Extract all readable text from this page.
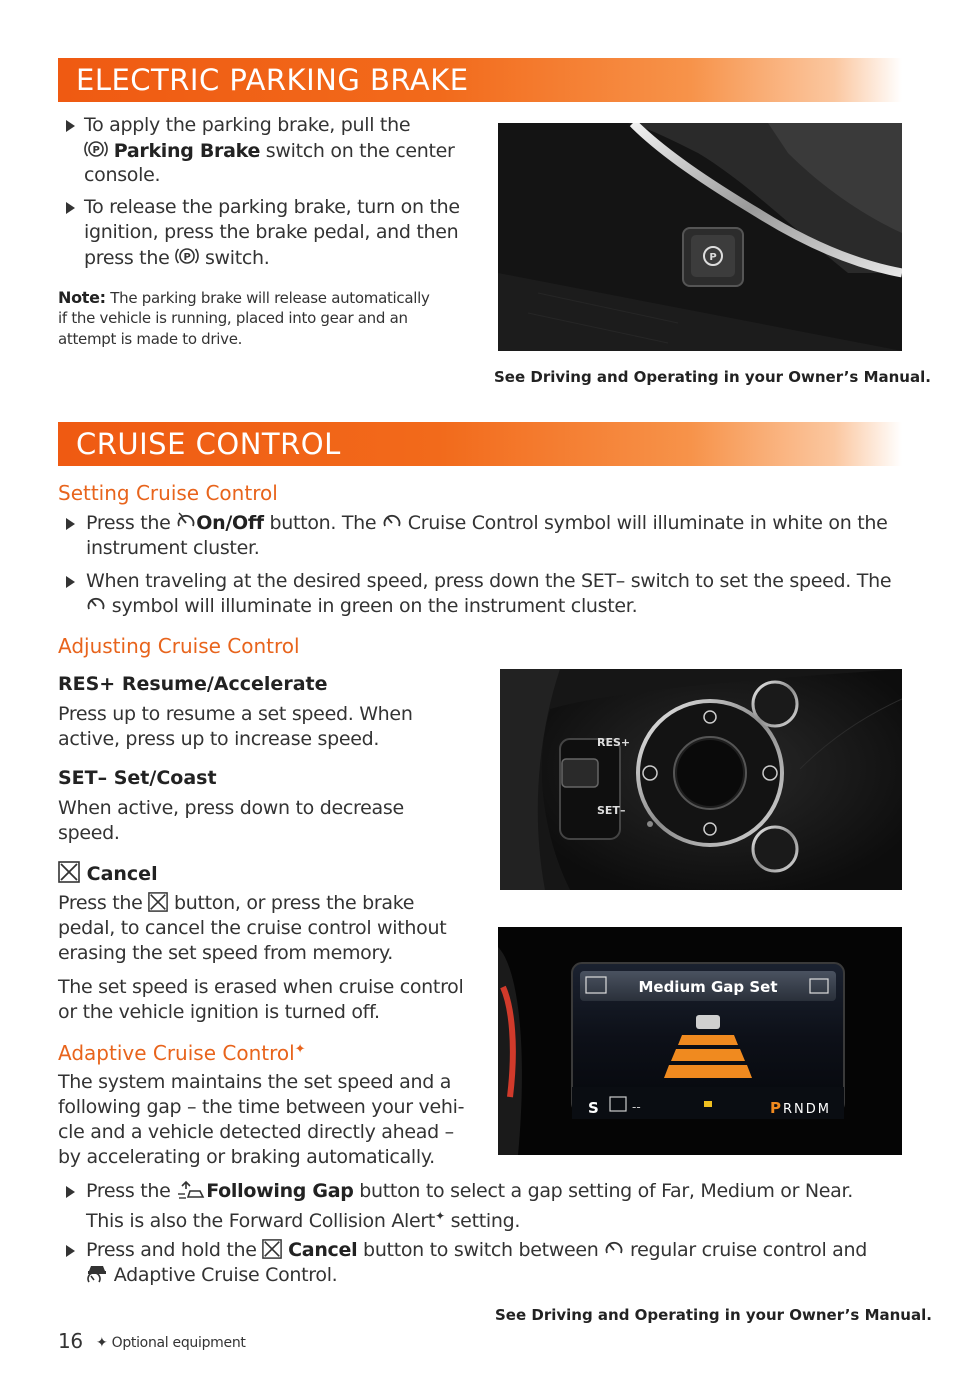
ELECTRIC PARKING BRAKE
To apply the parking brake, pull the
P Parking Brake switch on the center
console.
To release the parking brake, turn on the
ignition, press the brake pedal, and then
press the P switch.
Note: The parking brake will release automatically
if the vehicle is running, placed into gear and an
attempt is made to drive.
P
See Driving and Operating in your Owner’s Manual.
CRUISE CONTROL
Setting Cruise Control
Press the On/Off button. The  Cruise Control symbol will illuminate in white on the
instrument cluster.
When traveling at the desired speed, press down the SET– switch to set the speed. The
symbol will illuminate in green on the instrument cluster.
Adjusting Cruise Control
RES+ Resume/Accelerate
Press up to resume a set speed. When
active, press up to increase speed.
SET– Set/Coast
When active, press down to decrease
speed.
Cancel
Press the  button, or press the brake
pedal, to cancel the cruise control without
erasing the set speed from memory.
The set speed is erased when cruise control
or the vehicle ignition is turned off.
Adaptive Cruise Control✦
The system maintains the set speed and a
following gap – the time between your vehi-
cle and a vehicle detected directly ahead –
by accelerating or braking automatically.
Press the Following Gap button to select a gap setting of Far, Medium or Near.
This is also the Forward Collision Alert✦ setting.
Press and hold the  Cancel button to switch between  regular cruise control and
Adaptive Cruise Control.
RES+
SET–
Medium Gap Set
S	--	P RNDM
See Driving and Operating in your Owner’s Manual.
16 ✦ Optional equipment
